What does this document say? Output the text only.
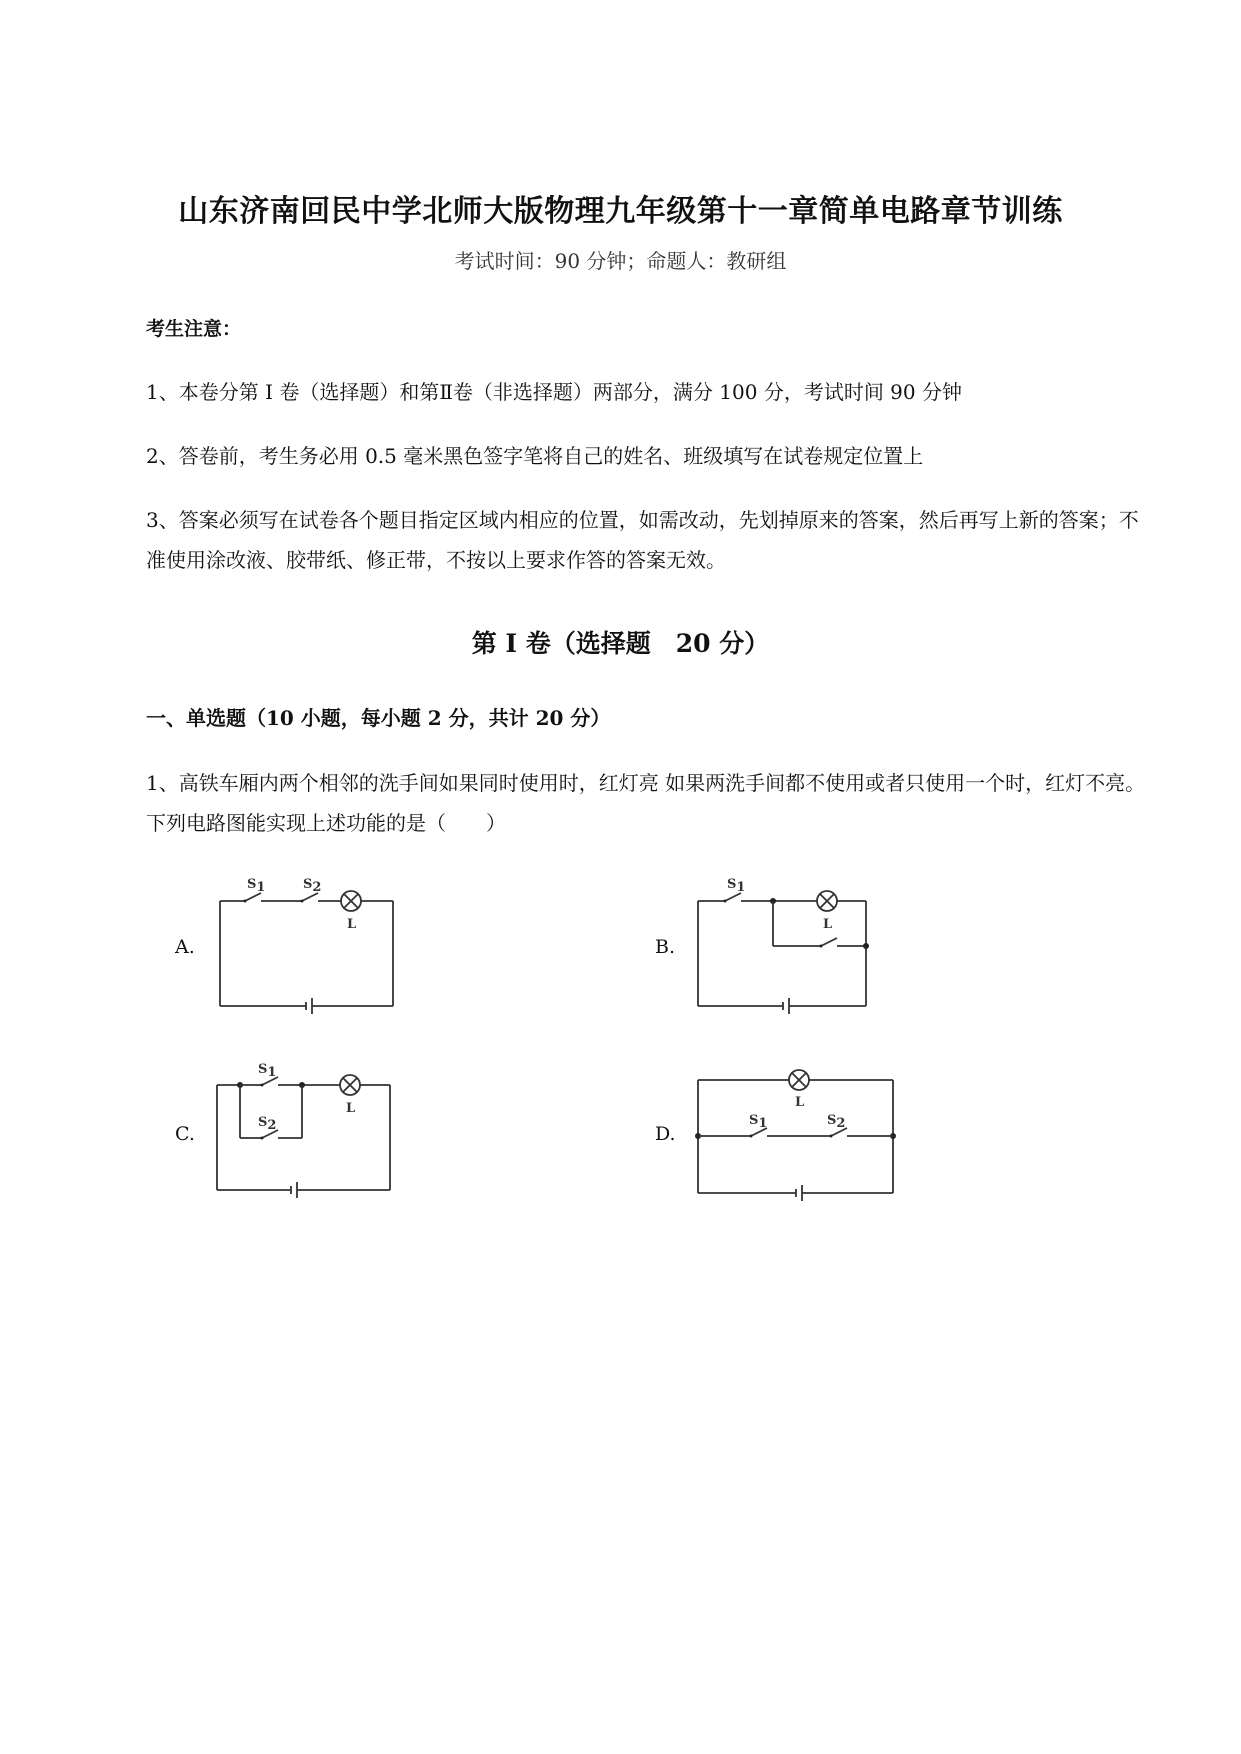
山东济南回民中学北师大版物理九年级第十一章简单电路章节训练
考试时间：90 分钟；命题人：教研组
考生注意：
1、本卷分第 I 卷（选择题）和第Ⅱ卷（非选择题）两部分，满分 100 分，考试时间 90 分钟
2、答卷前，考生务必用 0.5 毫米黑色签字笔将自己的姓名、班级填写在试卷规定位置上
3、答案必须写在试卷各个题目指定区域内相应的位置，如需改动，先划掉原来的答案，然后再写上新的答案；不准使用涂改液、胶带纸、修正带，不按以上要求作答的答案无效。
第 I 卷（选择题　20 分）
一、单选题（10 小题，每小题 2 分，共计 20 分）
1、高铁车厢内两个相邻的洗手间如果同时使用时，红灯亮 如果两洗手间都不使用或者只使用一个时，红灯不亮。下列电路图能实现上述功能的是（　　）
A.	B.
C.	D.
S1	S2
L
S1
L
S1
S2
L
S1	S2
L
